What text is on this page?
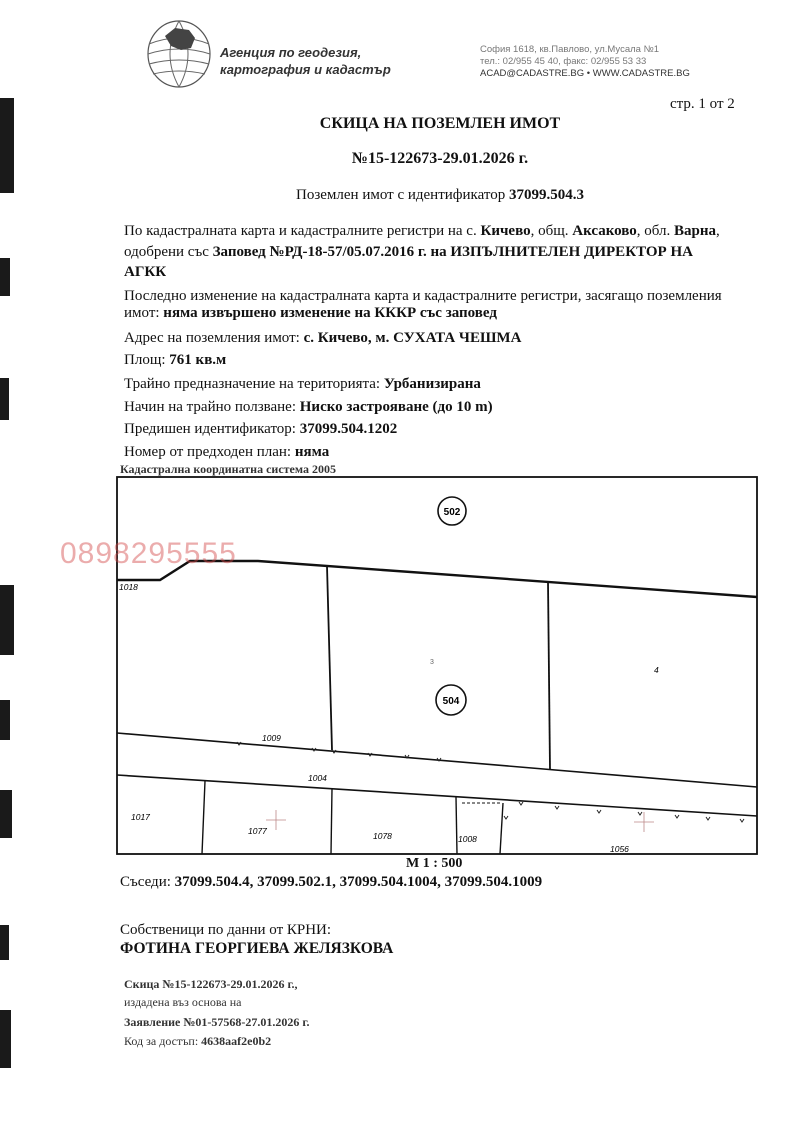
Агенция по геодезия,
картография и кадастър
София 1618, кв.Павлово, ул.Мусала №1
тел.: 02/955 45 40, факс: 02/955 53 33
ACAD@CADASTRE.BG • WWW.CADASTRE.BG
стр. 1 от 2
СКИЦА НА ПОЗЕМЛЕН ИМОТ
№15-122673-29.01.2026 г.
Поземлен имот с идентификатор 37099.504.3
По кадастралната карта и кадастралните регистри на с. Кичево, общ. Аксаково, обл. Варна,
одобрени със Заповед №РД-18-57/05.07.2016 г. на ИЗПЪЛНИТЕЛЕН ДИРЕКТОР НА
АГКК
Последно изменение на кадастралната карта и кадастралните регистри, засягащо поземления
имот: няма извършено изменение на КККР със заповед
Адрес на поземления имот: с. Кичево, м. СУХАТА ЧЕШМА
Площ: 761 кв.м
Трайно предназначение на територията: Урбанизирана
Начин на трайно ползване: Ниско застрояване (до 10 m)
Предишен идентификатор: 37099.504.1202
Номер от предходен план: няма
Кадастрална координатна система 2005
502
504
1018
3
4
1009
1004
1017
1077	1078	1008
1056
0898295555
М 1 : 500
Съседи: 37099.504.4, 37099.502.1, 37099.504.1004, 37099.504.1009
Собственици по данни от КРНИ:
ФОТИНА ГЕОРГИЕВА ЖЕЛЯЗКОВА
Скица №15-122673-29.01.2026 г.,
издадена въз основа на
Заявление №01-57568-27.01.2026 г.
Код за достъп: 4638aaf2e0b2
